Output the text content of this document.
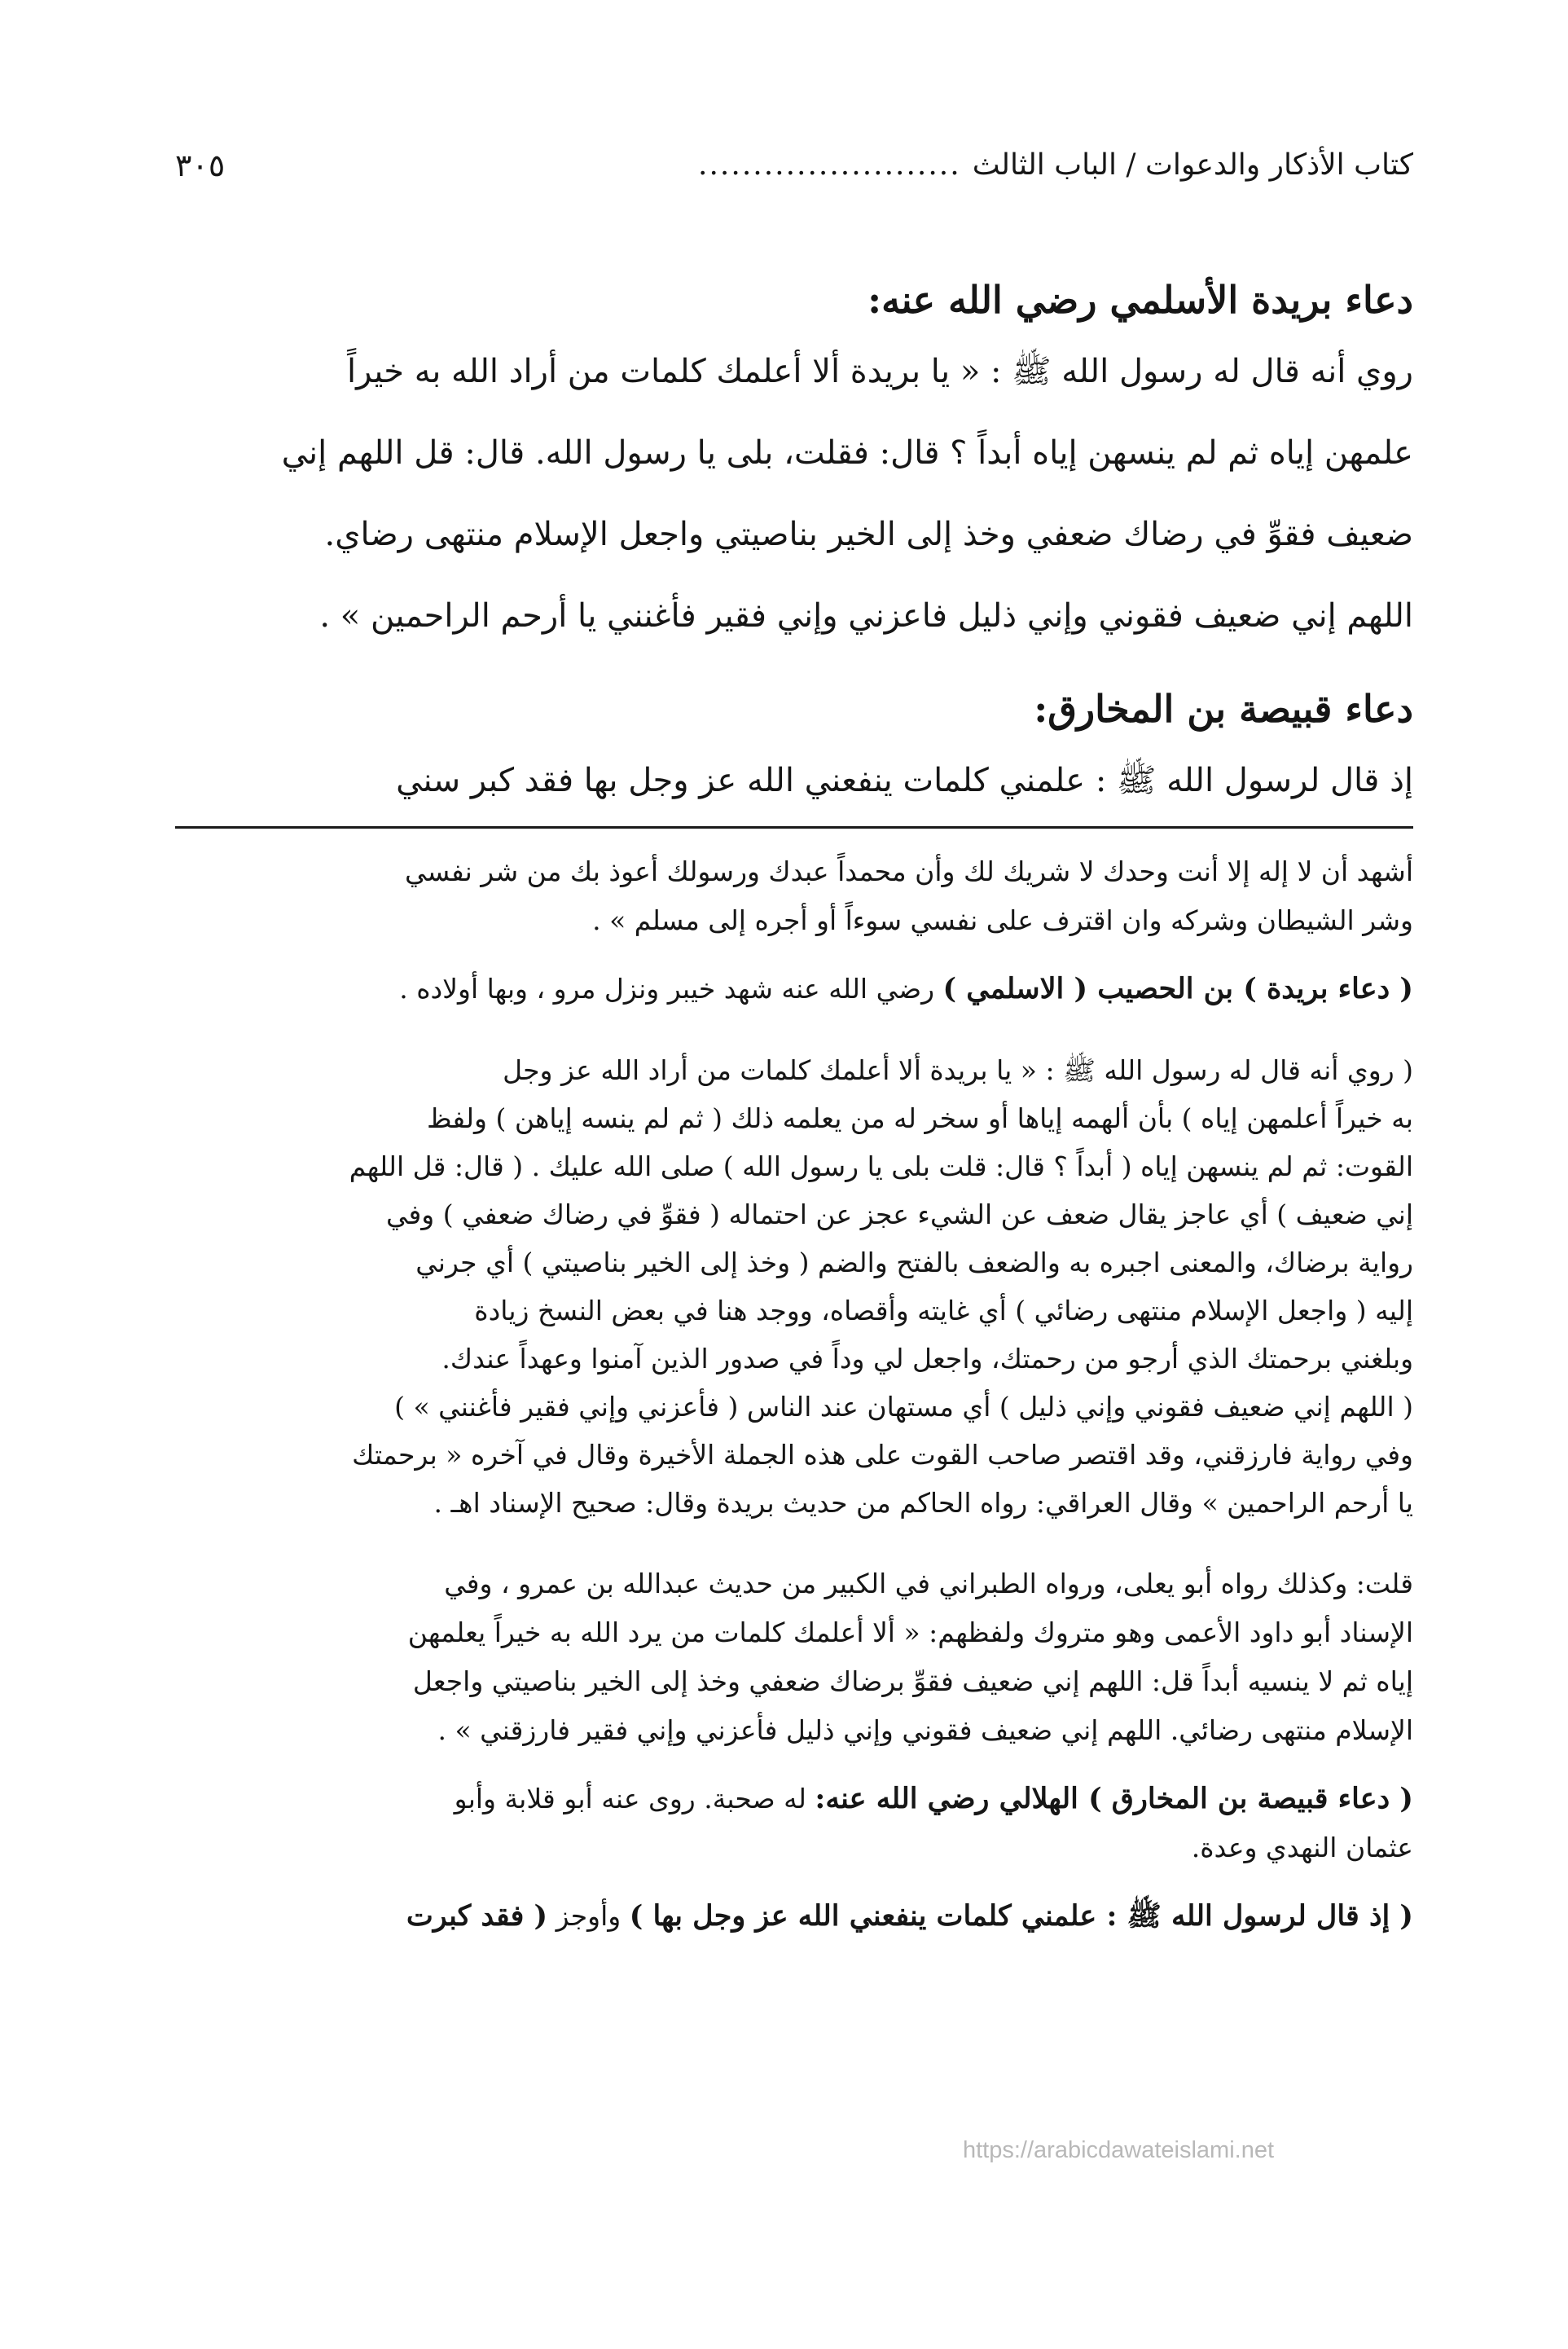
كتاب الأذكار والدعوات / الباب الثالث
........................
٣٠٥
دعاء بريدة الأسلمي رضي الله عنه:

روي أنه قال له رسول الله ﷺ : « يا بريدة ألا أعلمك كلمات من أراد الله به خيراً

علمهن إياه ثم لم ينسهن إياه أبداً ؟ قال: فقلت، بلى يا رسول الله. قال: قل اللهم إني

ضعيف فقوِّ في رضاك ضعفي وخذ إلى الخير بناصيتي واجعل الإسلام منتهى رضاي.

اللهم إني ضعيف فقوني وإني ذليل فاعزني وإني فقير فأغنني يا أرحم الراحمين » .

دعاء قبيصة بن المخارق:

إذ قال لرسول الله ﷺ : علمني كلمات ينفعني الله عز وجل بها فقد كبر سني

أشهد أن لا إله إلا أنت وحدك لا شريك لك وأن محمداً عبدك ورسولك أعوذ بك من شر نفسي

وشر الشيطان وشركه وان اقترف على نفسي سوءاً أو أجره إلى مسلم » .

( دعاء بريدة ) بن الحصيب ( الاسلمي ) رضي الله عنه شهد خيبر ونزل مرو ، وبها أولاده .

( روي أنه قال له رسول الله ﷺ : « يا بريدة ألا أعلمك كلمات من أراد الله عز وجل

به خيراً أعلمهن إياه ) بأن ألهمه إياها أو سخر له من يعلمه ذلك ( ثم لم ينسه إياهن ) ولفظ

القوت: ثم لم ينسهن إياه ( أبداً ؟ قال: قلت بلى يا رسول الله ) صلى الله عليك . ( قال: قل اللهم

إني ضعيف ) أي عاجز يقال ضعف عن الشيء عجز عن احتماله ( فقوِّ في رضاك ضعفي ) وفي

رواية برضاك، والمعنى اجبره به والضعف بالفتح والضم ( وخذ إلى الخير بناصيتي ) أي جرني

إليه ( واجعل الإسلام منتهى رضائي ) أي غايته وأقصاه، ووجد هنا في بعض النسخ زيادة

وبلغني برحمتك الذي أرجو من رحمتك، واجعل لي وداً في صدور الذين آمنوا وعهداً عندك.

( اللهم إني ضعيف فقوني وإني ذليل ) أي مستهان عند الناس ( فأعزني وإني فقير فأغنني » )

وفي رواية فارزقني، وقد اقتصر صاحب القوت على هذه الجملة الأخيرة وقال في آخره « برحمتك

يا أرحم الراحمين » وقال العراقي: رواه الحاكم من حديث بريدة وقال: صحيح الإسناد اهـ .

قلت: وكذلك رواه أبو يعلى، ورواه الطبراني في الكبير من حديث عبدالله بن عمرو ، وفي

الإسناد أبو داود الأعمى وهو متروك ولفظهم: « ألا أعلمك كلمات من يرد الله به خيراً يعلمهن

إياه ثم لا ينسيه أبداً قل: اللهم إني ضعيف فقوِّ برضاك ضعفي وخذ إلى الخير بناصيتي واجعل

الإسلام منتهى رضائي. اللهم إني ضعيف فقوني وإني ذليل فأعزني وإني فقير فارزقني » .

( دعاء قبيصة بن المخارق ) الهلالي رضي الله عنه: له صحبة. روى عنه أبو قلابة وأبو

عثمان النهدي وعدة.

( إذ قال لرسول الله ﷺ : علمني كلمات ينفعني الله عز وجل بها ) وأوجز ( فقد كبرت

https://arabicdawateislami.net
